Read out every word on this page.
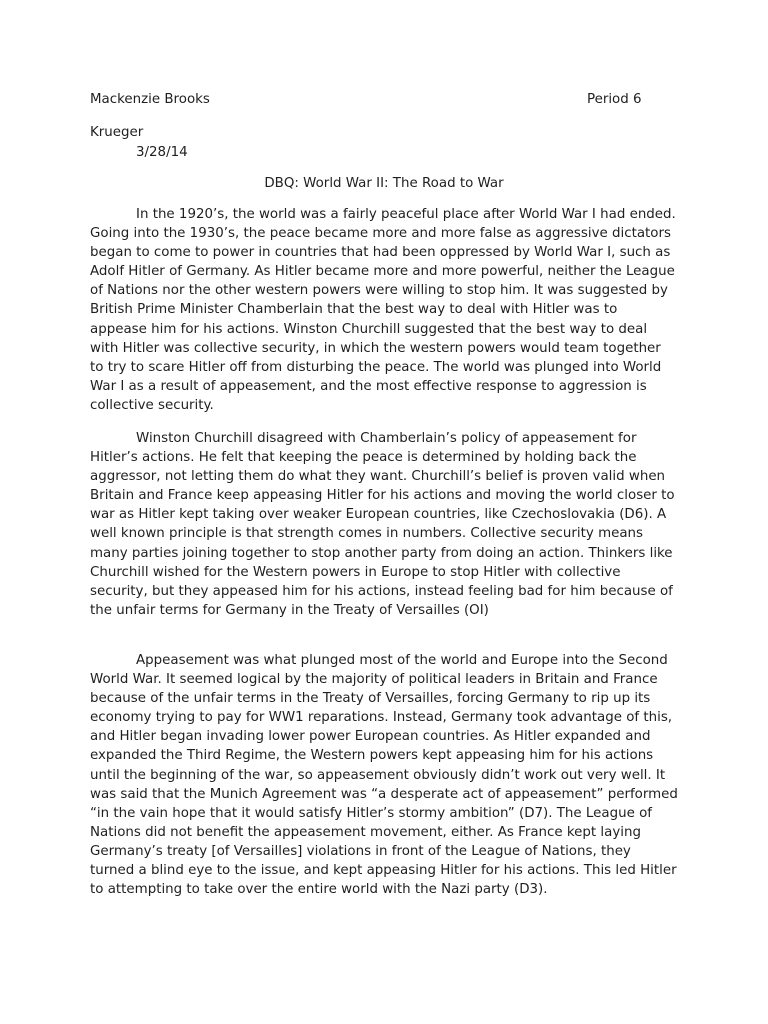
Mackenzie Brooks	Period 6
Krueger
3/28/14
DBQ: World War II: The Road to War

In the 1920’s, the world was a fairly peaceful place after World War I had ended. Going into the 1930’s, the peace became more and more false as aggressive dictators began to come to power in countries that had been oppressed by World War I, such as Adolf Hitler of Germany. As Hitler became more and more powerful, neither the League of Nations nor the other western powers were willing to stop him. It was suggested by British Prime Minister Chamberlain that the best way to deal with Hitler was to appease him for his actions. Winston Churchill suggested that the best way to deal with Hitler was collective security, in which the western powers would team together to try to scare Hitler off from disturbing the peace. The world was plunged into World War I as a result of appeasement, and the most effective response to aggression is collective security.

Winston Churchill disagreed with Chamberlain’s policy of appeasement for Hitler’s actions. He felt that keeping the peace is determined by holding back the aggressor, not letting them do what they want. Churchill’s belief is proven valid when Britain and France keep appeasing Hitler for his actions and moving the world closer to war as Hitler kept taking over weaker European countries, like Czechoslovakia (D6). A well known principle is that strength comes in numbers. Collective security means many parties joining together to stop another party from doing an action. Thinkers like Churchill wished for the Western powers in Europe to stop Hitler with collective security, but they appeased him for his actions, instead feeling bad for him because of the unfair terms for Germany in the Treaty of Versailles (OI)

Appeasement was what plunged most of the world and Europe into the Second World War. It seemed logical by the majority of political leaders in Britain and France because of the unfair terms in the Treaty of Versailles, forcing Germany to rip up its economy trying to pay for WW1 reparations. Instead, Germany took advantage of this, and Hitler began invading lower power European countries. As Hitler expanded and expanded the Third Regime, the Western powers kept appeasing him for his actions until the beginning of the war, so appeasement obviously didn’t work out very well. It was said that the Munich Agreement was “a desperate act of appeasement” performed “in the vain hope that it would satisfy Hitler’s stormy ambition” (D7). The League of Nations did not benefit the appeasement movement, either. As France kept laying Germany’s treaty [of Versailles] violations in front of the League of Nations, they turned a blind eye to the issue, and kept appeasing Hitler for his actions. This led Hitler to attempting to take over the entire world with the Nazi party (D3).
